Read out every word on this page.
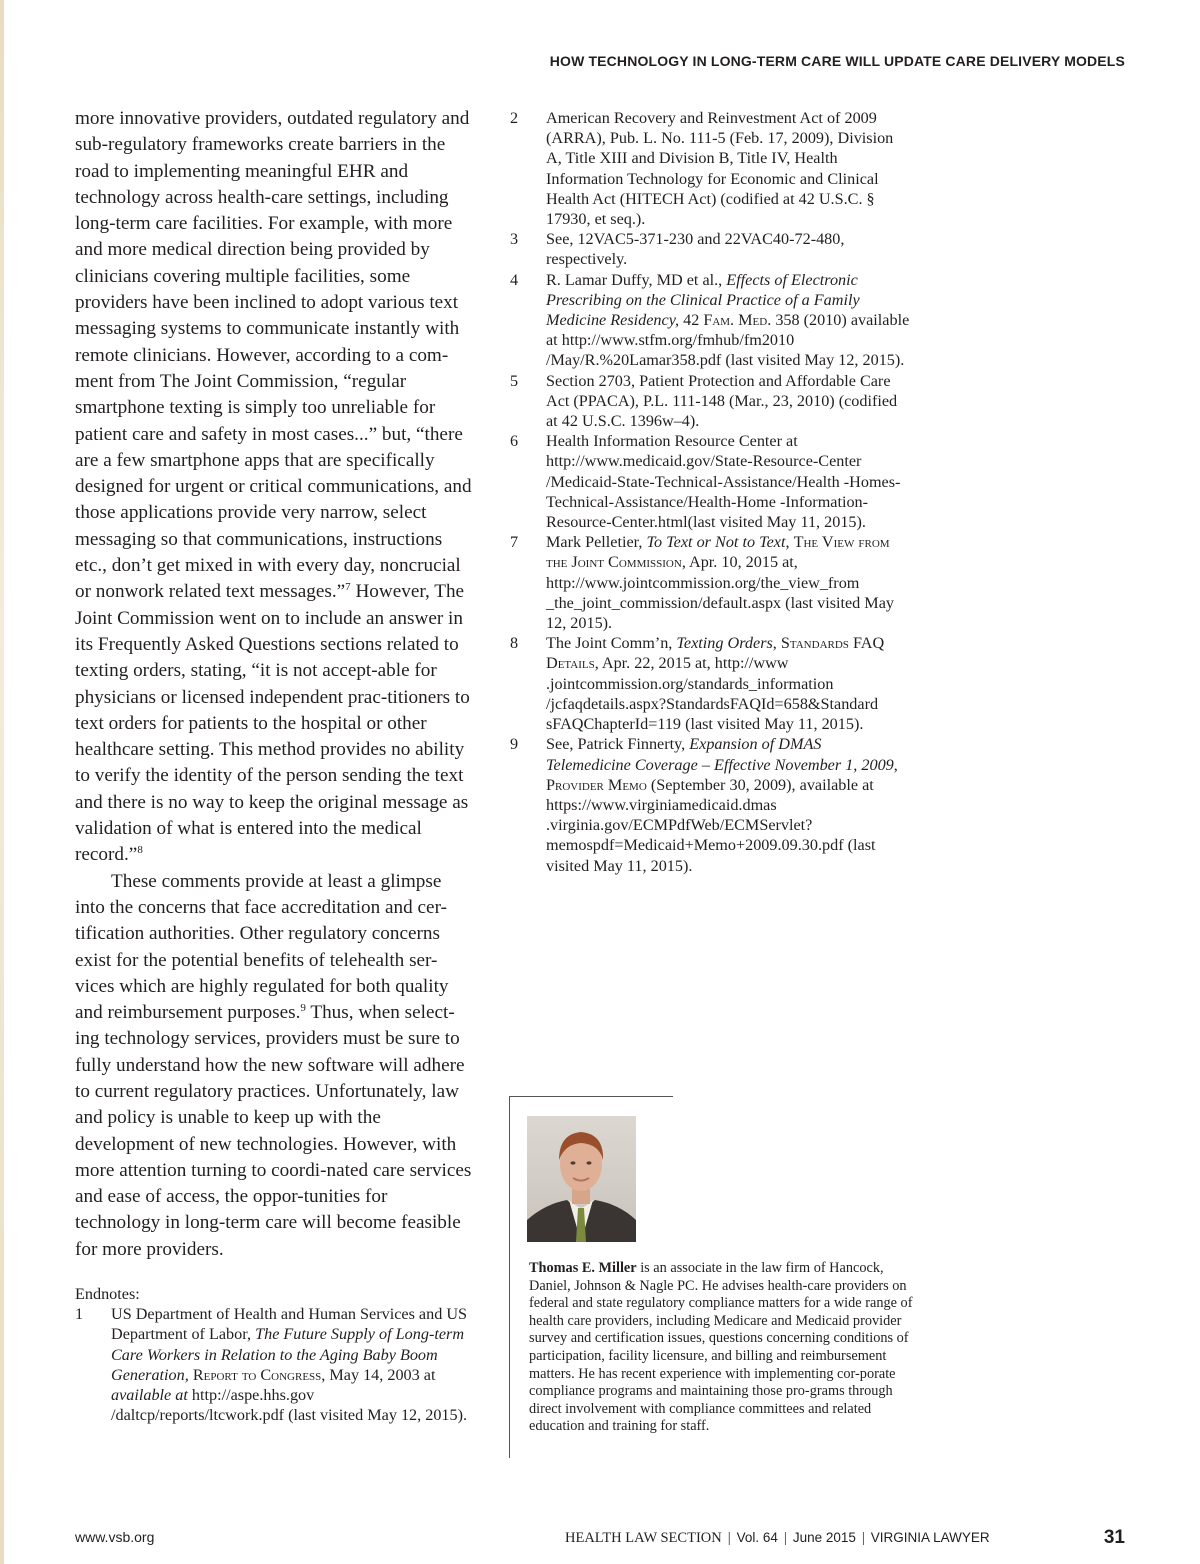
HOW TECHNOLOGY IN LONG-TERM CARE WILL UPDATE CARE DELIVERY MODELS

more innovative providers, outdated regulatory and sub-regulatory frameworks create barriers in the road to implementing meaningful EHR and technology across health-care settings, including long-term care facilities. For example, with more and more medical direction being provided by clinicians covering multiple facilities, some providers have been inclined to adopt various text messaging systems to communicate instantly with remote clinicians. However, according to a com-ment from The Joint Commission, “regular smartphone texting is simply too unreliable for patient care and safety in most cases...” but, “there are a few smartphone apps that are specifically designed for urgent or critical communications, and those applications provide very narrow, select messaging so that communications, instructions etc., don’t get mixed in with every day, noncrucial or nonwork related text messages.”$^7$ However, The Joint Commission went on to include an answer in its Frequently Asked Questions sections related to texting orders, stating, “it is not accept-able for physicians or licensed independent prac-titioners to text orders for patients to the hospital or other healthcare setting. This method provides no ability to verify the identity of the person sending the text and there is no way to keep the original message as validation of what is entered into the medical record.”$^8$

These comments provide at least a glimpse into the concerns that face accreditation and cer-tification authorities. Other regulatory concerns exist for the potential benefits of telehealth ser-vices which are highly regulated for both quality and reimbursement purposes.$^9$ Thus, when select-ing technology services, providers must be sure to fully understand how the new software will adhere to current regulatory practices. Unfortunately, law and policy is unable to keep up with the development of new technologies. However, with more attention turning to coordi-nated care services and ease of access, the oppor-tunities for technology in long-term care will become feasible for more providers.

Endnotes:
1	US Department of Health and Human Services and US Department of Labor, The Future Supply of Long-term Care Workers in Relation to the Aging Baby Boom Generation, Report to Congress, May 14, 2003 at available at http://aspe.hhs.gov /daltcp/reports/ltcwork.pdf (last visited May 12, 2015).
2	American Recovery and Reinvestment Act of 2009 (ARRA), Pub. L. No. 111-5 (Feb. 17, 2009), Division A, Title XIII and Division B, Title IV, Health Information Technology for Economic and Clinical Health Act (HITECH Act) (codified at 42 U.S.C. § 17930, et seq.).
3	See, 12VAC5-371-230 and 22VAC40-72-480, respectively.
4	R. Lamar Duffy, MD et al., Effects of Electronic Prescribing on the Clinical Practice of a Family Medicine Residency, 42 Fam. Med. 358 (2010) available at http://www.stfm.org/fmhub/fm2010 /May/R.%20Lamar358.pdf (last visited May 12, 2015).
5	Section 2703, Patient Protection and Affordable Care Act (PPACA), P.L. 111-148 (Mar., 23, 2010) (codified at 42 U.S.C. 1396w–4).
6	Health Information Resource Center at http://www.medicaid.gov/State-Resource-Center /Medicaid-State-Technical-Assistance/Health -Homes-Technical-Assistance/Health-Home -Information-Resource-Center.html(last visited May 11, 2015).
7	Mark Pelletier, To Text or Not to Text, The View from the Joint Commission, Apr. 10, 2015 at, http://www.jointcommission.org/the_view_from _the_joint_commission/default.aspx (last visited May 12, 2015).
8	The Joint Comm’n, Texting Orders, Standards FAQ Details, Apr. 22, 2015 at, http://www .jointcommission.org/standards_information /jcfaqdetails.aspx?StandardsFAQId=658&Standard sFAQChapterId=119 (last visited May 11, 2015).
9	See, Patrick Finnerty, Expansion of DMAS Telemedicine Coverage – Effective November 1, 2009, Provider Memo (September 30, 2009), available at https://www.virginiamedicaid.dmas .virginia.gov/ECMPdfWeb/ECMServlet? memospdf=Medicaid+Memo+2009.09.30.pdf (last visited May 11, 2015).
Thomas E. Miller is an associate in the law firm of Hancock, Daniel, Johnson & Nagle PC. He advises health-care providers on federal and state regulatory compliance matters for a wide range of health care providers, including Medicare and Medicaid provider survey and certification issues, questions concerning conditions of participation, facility licensure, and billing and reimbursement matters. He has recent experience with implementing cor-porate compliance programs and maintaining those pro-grams through direct involvement with compliance committees and related education and training for staff.
www.vsb.org	HEALTH LAW SECTION | Vol. 64 | June 2015 | VIRGINIA LAWYER	31
